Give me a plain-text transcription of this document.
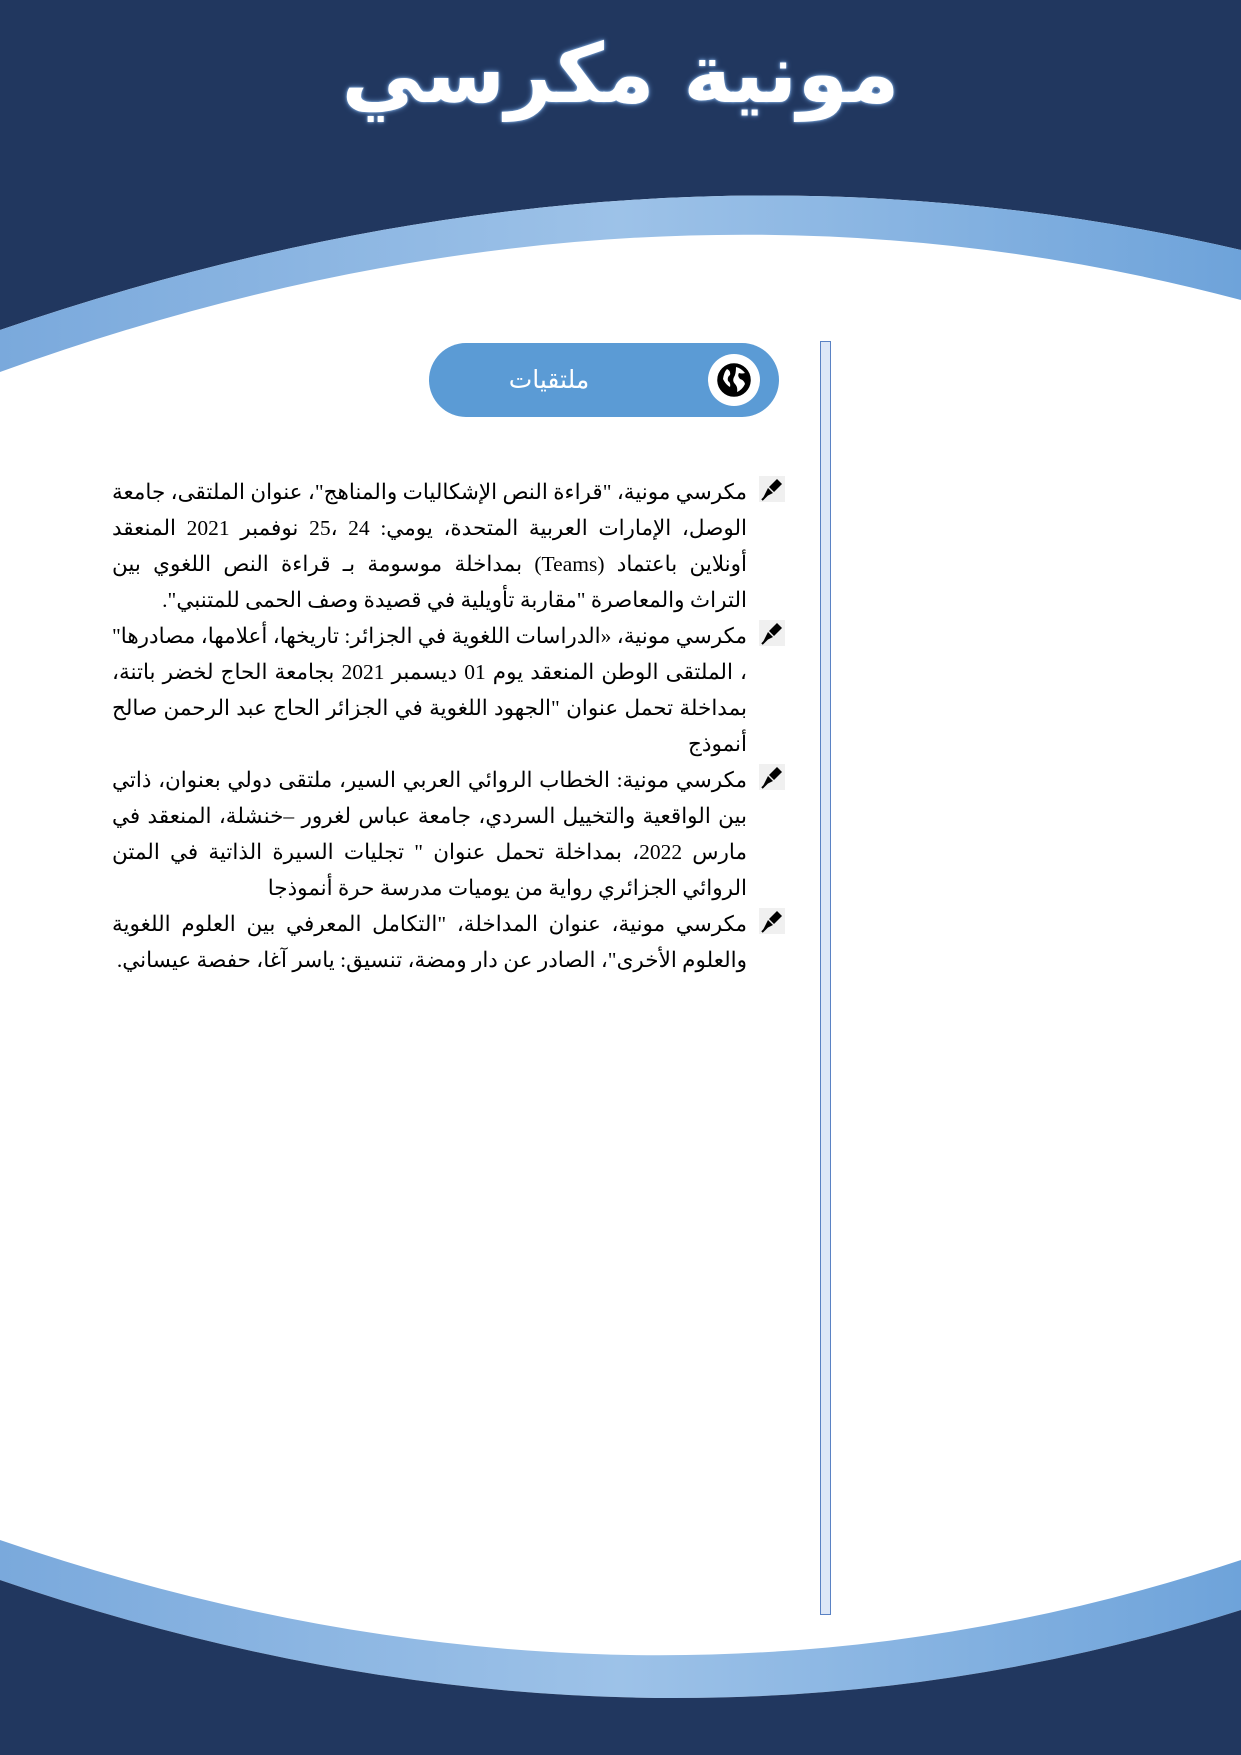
مونية مكرسي
ملتقيات
مكرسي مونية، "قراءة النص الإشكاليات والمناهج"، عنوان الملتقى، جامعة الوصل، الإمارات العربية المتحدة، يومي: 24 ،25 نوفمبر 2021 المنعقد أونلاين باعتماد (Teams) بمداخلة موسومة بـ قراءة النص اللغوي بين التراث والمعاصرة "مقاربة تأويلية في قصيدة وصف الحمى للمتنبي".
مكرسي مونية، «الدراسات اللغوية في الجزائر: تاريخها، أعلامها، مصادرها" ، الملتقى الوطن المنعقد يوم 01 ديسمبر 2021 بجامعة الحاج لخضر باتنة، بمداخلة تحمل عنوان "الجهود اللغوية في الجزائر الحاج عبد الرحمن صالح أنموذج
مكرسي مونية: الخطاب الروائي العربي السير، ملتقى دولي بعنوان، ذاتي بين الواقعية والتخييل السردي، جامعة عباس لغرور –خنشلة، المنعقد في مارس 2022، بمداخلة تحمل عنوان " تجليات السيرة الذاتية في المتن الروائي الجزائري رواية من يوميات مدرسة حرة أنموذجا
مكرسي مونية، عنوان المداخلة، "التكامل المعرفي بين العلوم اللغوية والعلوم الأخرى"، الصادر عن دار ومضة، تنسيق: ياسر آغا، حفصة عيساني.
